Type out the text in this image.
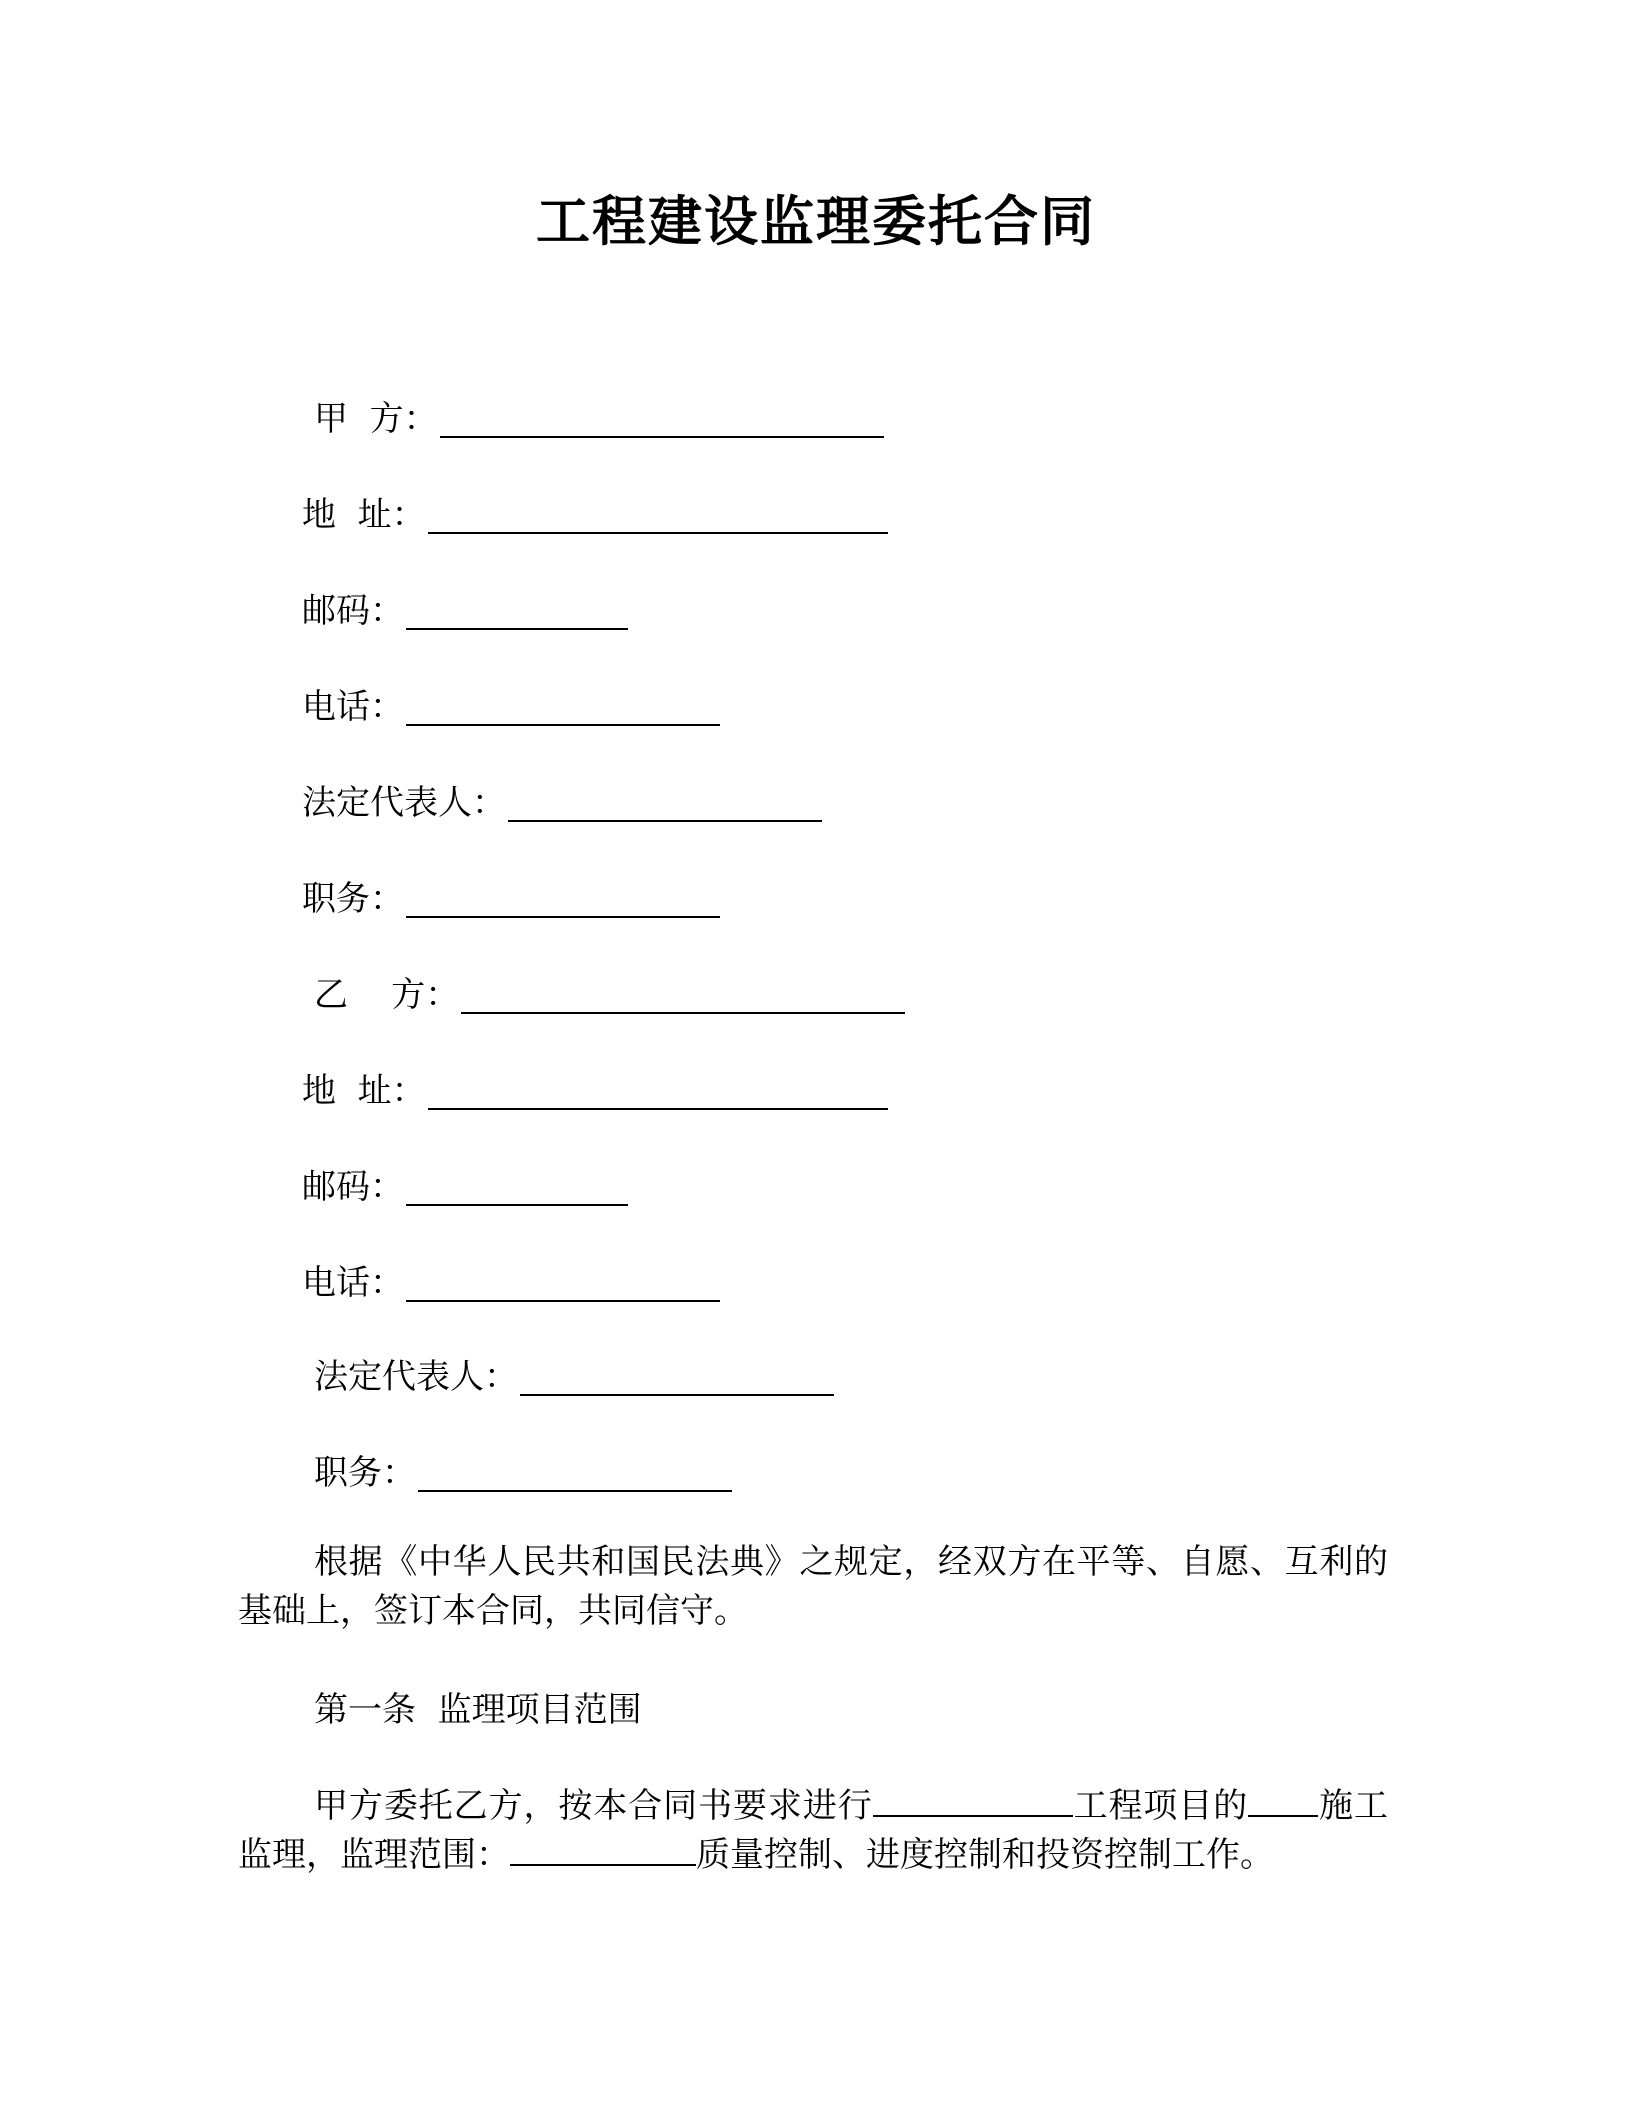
工程建设监理委托合同
甲  方：
地  址：
邮码：
电话：
法定代表人：
职务：
乙    方：
地  址：
邮码：
电话：
法定代表人：
职务：

根据《中华人民共和国民法典》之规定，经双方在平等、自愿、互利的基础上，签订本合同，共同信守。

第一条  监理项目范围

甲方委托乙方，按本合同书要求进行	工程项目的 施工监理，监理范围：	质量控制、进度控制和投资控制工作。
